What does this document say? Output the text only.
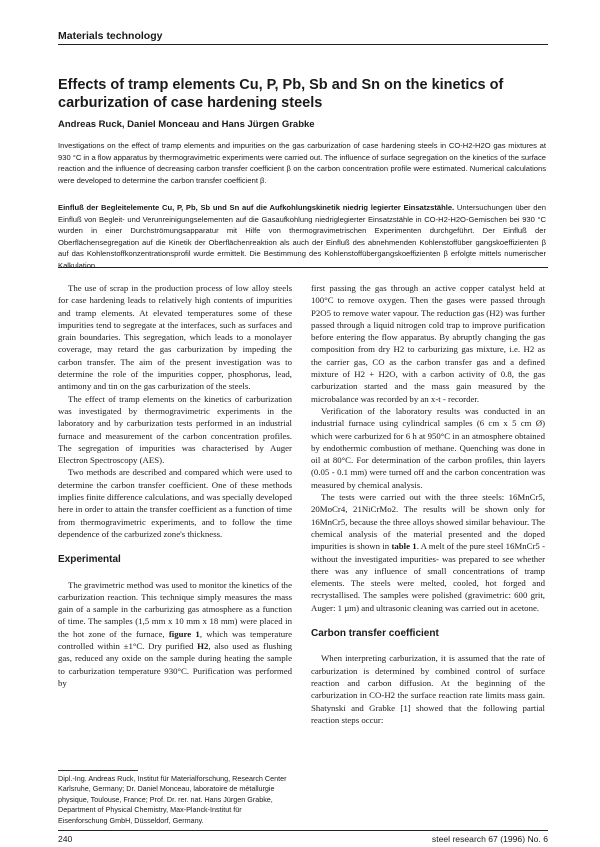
Materials technology
Effects of tramp elements Cu, P, Pb, Sb and Sn on the kinetics of carburization of case hardening steels
Andreas Ruck, Daniel Monceau and Hans Jürgen Grabke
Investigations on the effect of tramp elements and impurities on the gas carburization of case hardening steels in CO-H2-H2O gas mixtures at 930 °C in a flow apparatus by thermogravimetric experiments were carried out. The influence of surface segregation on the kinetics of the surface reaction and the influence of decreasing carbon transfer coefficient β on the carbon concentration profile were estimated. Numerical calculations were developed to determine the carbon transfer coefficient β.
Einfluß der Begleitelemente Cu, P, Pb, Sb und Sn auf die Aufkohlungskinetik niedrig legierter Einsatzstähle. Untersuchungen über den Einfluß von Begleit- und Verunreinigungselementen auf die Gasaufkohlung niedriglegierter Einsatzstähle in CO-H2-H2O-Gemischen bei 930 °C wurden in einer Durchströmungsapparatur mit Hilfe von thermogravimetrischen Experimenten durchgeführt. Der Einfluß der Oberflächensegregation auf die Kinetik der Oberflächenreaktion als auch der Einfluß des abnehmenden Kohlenstoffüber gangskoeffizienten β auf das Kohlenstoffkonzentrationsprofil wurde ermittelt. Die Bestimmung des Kohlenstoffübergangskoeffizienten β erfolgte mittels numerischer Kalkulation.

The use of scrap in the production process of low alloy steels for case hardening leads to relatively high contents of impurities and tramp elements. At elevated temperatures some of these impurities tend to segregate at the interfaces, such as surfaces and grain boundaries. This segregation, which leads to a monolayer coverage, may retard the gas carburization by impeding the carbon transfer. The aim of the present investigation was to determine the role of the impurities copper, phosphorus, lead, antimony and tin on the gas carburization of the steels.

The effect of tramp elements on the kinetics of carburization was investigated by thermogravimetric experiments in the laboratory and by carburization tests performed in an industrial furnace and measurement of the carbon concentration profiles. The segregation of impurities was characterised by Auger Electron Spectroscopy (AES).

Two methods are described and compared which were used to determine the carbon transfer coefficient. One of these methods implies finite difference calculations, and was specially developed here in order to attain the transfer coefficient as a function of time from thermogravimetric experiments, and to follow the time dependence of the carburized zone's thickness.

Experimental

The gravimetric method was used to monitor the kinetics of the carburization reaction. This technique simply measures the mass gain of a sample in the carburizing gas atmosphere as a function of time. The samples (1,5 mm x 10 mm x 18 mm) were placed in the hot zone of the furnace, figure 1, which was temperature controlled within ±1°C. Dry purified H2, also used as flushing gas, reduced any oxide on the sample during heating the sample to carburization temperature 930°C. Purification was performed by

first passing the gas through an active copper catalyst held at 100°C to remove oxygen. Then the gases were passed through P2O5 to remove water vapour. The reduction gas (H2) was further passed through a liquid nitrogen cold trap to improve purification before entering the flow apparatus. By abruptly changing the gas composition from dry H2 to carburizing gas mixture, i.e. H2 as the carrier gas, CO as the carbon transfer gas and a defined mixture of H2 + H2O, with a carbon activity of 0.8, the gas carburization started and the mass gain measured by the microbalance was recorded by an x-t - recorder.

Verification of the laboratory results was conducted in an industrial furnace using cylindrical samples (6 cm x 5 cm Ø) which were carburized for 6 h at 950°C in an atmosphere obtained by endothermic combustion of methane. Quenching was done in oil at 80°C. For determination of the carbon profiles, thin layers (0.05 - 0.1 mm) were turned off and the carbon concentration was measured by chemical analysis.

The tests were carried out with the three steels: 16MnCr5, 20MoCr4, 21NiCrMo2. The results will be shown only for 16MnCr5, because the three alloys showed similar behaviour. The chemical analysis of the material presented and the doped impurities is shown in table 1. A melt of the pure steel 16MnCr5 -without the investigated impurities- was prepared to see whether there was any influence of small concentrations of tramp elements. The steels were melted, cooled, hot forged and recrystallised. The samples were polished (gravimetric: 600 grit, Auger: 1 µm) and ultrasonic cleaning was carried out in acetone.

Carbon transfer coefficient

When interpreting carburization, it is assumed that the rate of carburization is determined by combined control of surface reaction and carbon diffusion. At the beginning of the carburization in CO-H2 the surface reaction rate limits mass gain. Shatynski and Grabke [1] showed that the following partial reaction steps occur:

Dipl.-Ing. Andreas Ruck, Institut für Materialforschung, Research Center Karlsruhe, Germany; Dr. Daniel Monceau, laboratoire de métallurgie physique, Toulouse, France; Prof. Dr. rer. nat. Hans Jürgen Grabke, Department of Physical Chemistry, Max-Planck-Institut für Eisenforschung GmbH, Düsseldorf, Germany.
240	steel research 67 (1996) No. 6
